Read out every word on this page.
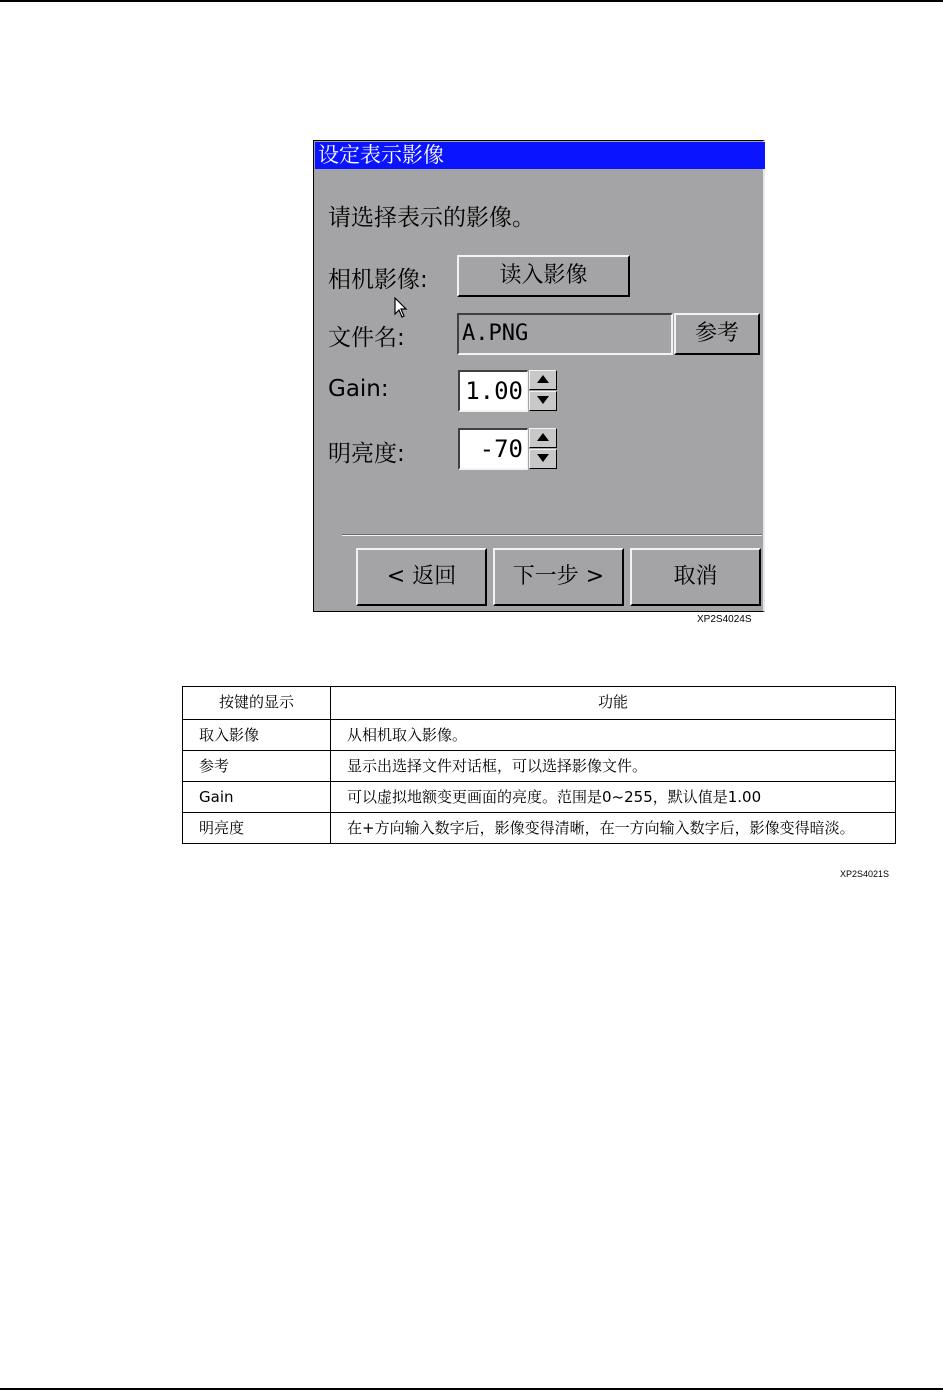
设定表示影像
请选择表示的影像。
相机影像:	读入影像
文件名:	A.PNG	参考
Gain:	1.00
明亮度:	-70
< 返回	下一步 >	取消
XP2S4024S
按键的显示	功能
取入影像	从相机取入影像。
参考	显示出选择文件对话框，可以选择影像文件。
Gain	可以虚拟地额变更画面的亮度。范围是0~255，默认值是1.00
明亮度	在+方向输入数字后，影像变得清晰，在一方向输入数字后，影像变得暗淡。
XP2S4021S
